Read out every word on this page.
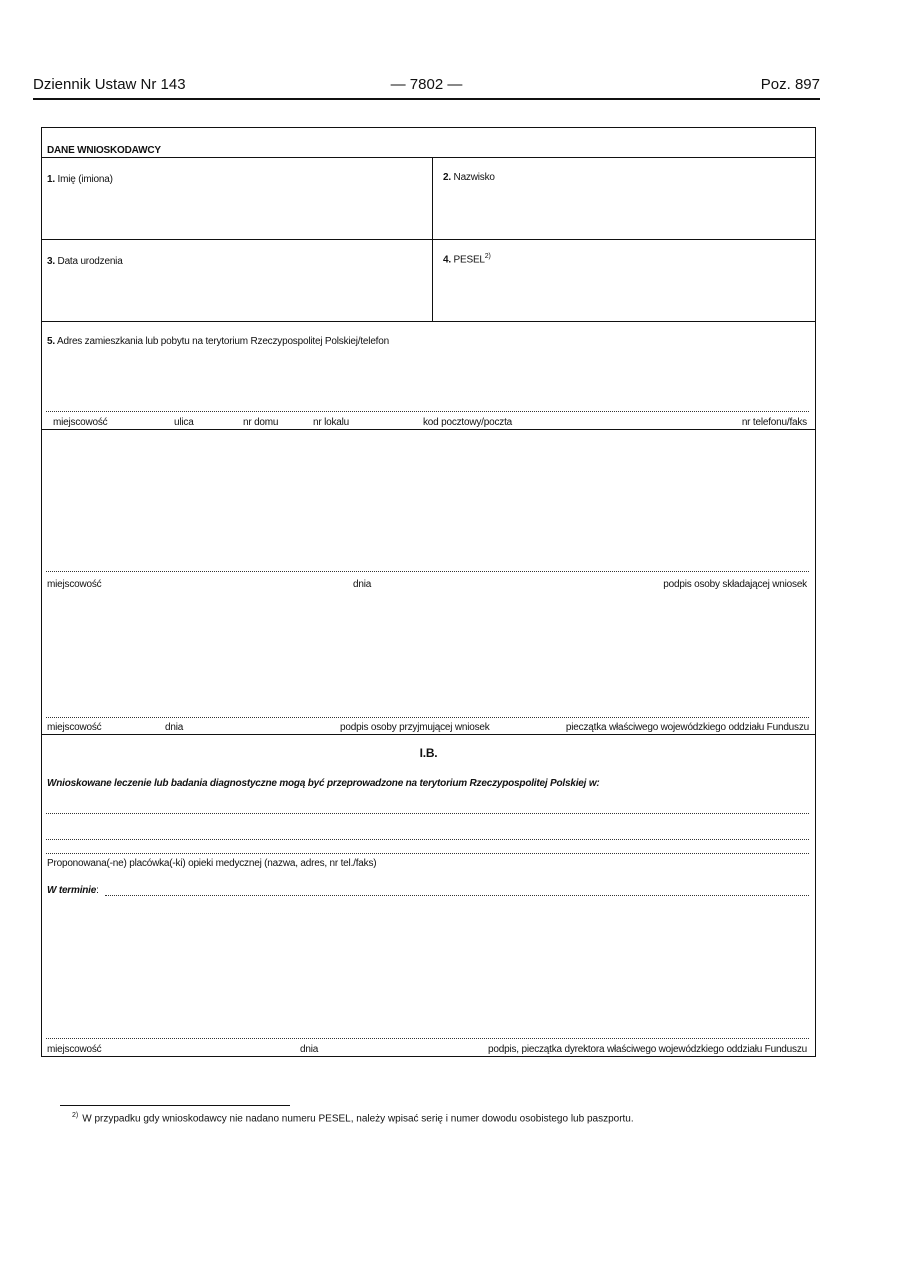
Dziennik Ustaw Nr 143	— 7802 —	Poz. 897
DANE WNIOSKODAWCY
1. Imię (imiona)	2. Nazwisko
3. Data urodzenia	4. PESEL$^{2)}$
5. Adres zamieszkania lub pobytu na terytorium Rzeczypospolitej Polskiej/telefon
miejscowość	ulica	nr domu	nr lokalu	kod pocztowy/poczta	nr telefonu/faks
miejscowość	dnia	podpis osoby składającej wniosek
miejscowość	dnia	podpis osoby przyjmującej wniosek	pieczątka właściwego wojewódzkiego oddziału Funduszu
I.B.
Wnioskowane leczenie lub badania diagnostyczne mogą być przeprowadzone na terytorium Rzeczypospolitej Polskiej w:
Proponowana(-ne) placówka(-ki) opieki medycznej (nazwa, adres, nr tel./faks)
W terminie:
miejscowość	dnia	podpis, pieczątka dyrektora właściwego wojewódzkiego oddziału Funduszu
$^{2)}$ W przypadku gdy wnioskodawcy nie nadano numeru PESEL, należy wpisać serię i numer dowodu osobistego lub paszportu.
